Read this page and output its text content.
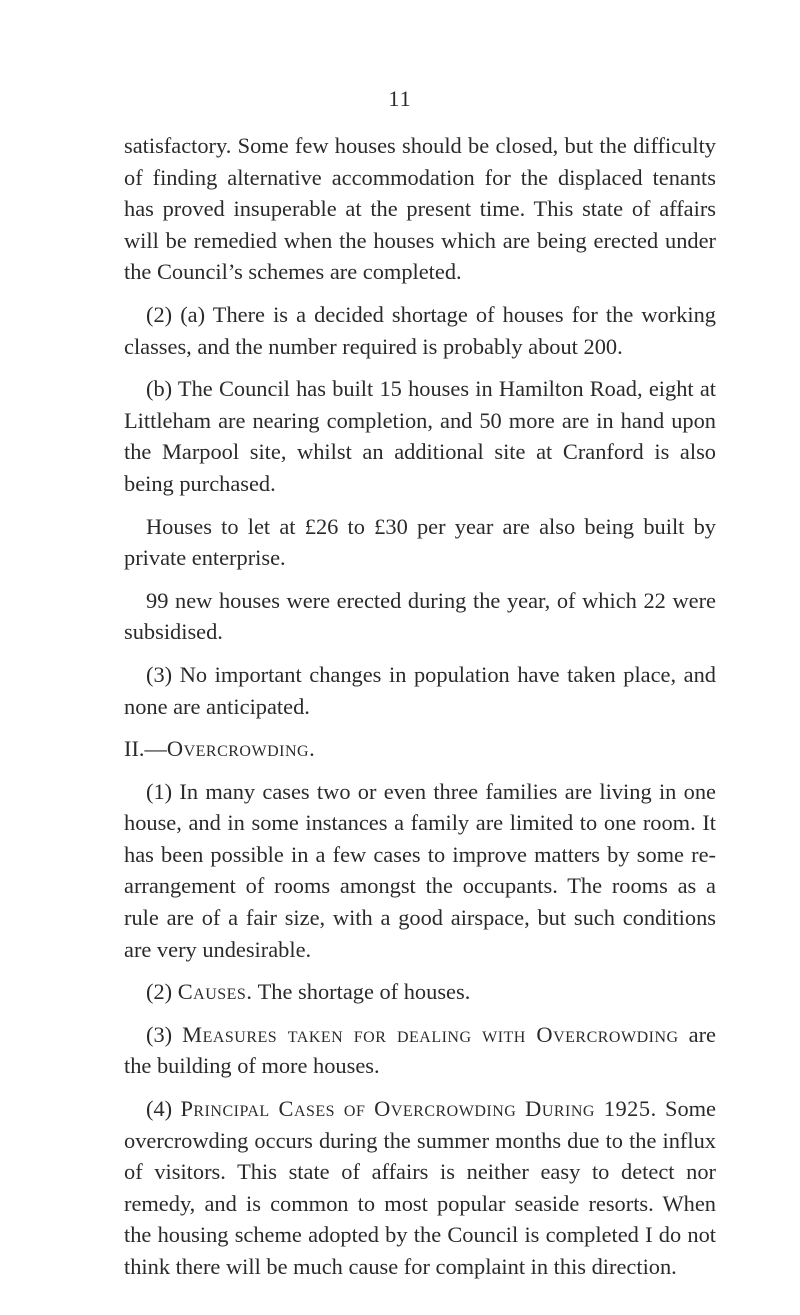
11

satisfactory. Some few houses should be closed, but the difficulty of finding alternative accommodation for the displaced tenants has proved insuperable at the present time. This state of affairs will be remedied when the houses which are being erected under the Council’s schemes are completed.

(2) (a) There is a decided shortage of houses for the working classes, and the number required is probably about 200.

(b) The Council has built 15 houses in Hamilton Road, eight at Littleham are nearing completion, and 50 more are in hand upon the Marpool site, whilst an additional site at Cranford is also being purchased.

Houses to let at £26 to £30 per year are also being built by private enterprise.

99 new houses were erected during the year, of which 22 were subsidised.

(3) No important changes in population have taken place, and none are anticipated.

II.—Overcrowding.

(1) In many cases two or even three families are living in one house, and in some instances a family are limited to one room. It has been possible in a few cases to improve matters by some re-arrangement of rooms amongst the occupants. The rooms as a rule are of a fair size, with a good airspace, but such conditions are very undesirable.

(2) Causes. The shortage of houses.

(3) Measures taken for dealing with Overcrowding are the building of more houses.

(4) Principal Cases of Overcrowding During 1925. Some overcrowding occurs during the summer months due to the influx of visitors. This state of affairs is neither easy to detect nor remedy, and is common to most popular seaside resorts. When the housing scheme adopted by the Council is completed I do not think there will be much cause for complaint in this direction.
